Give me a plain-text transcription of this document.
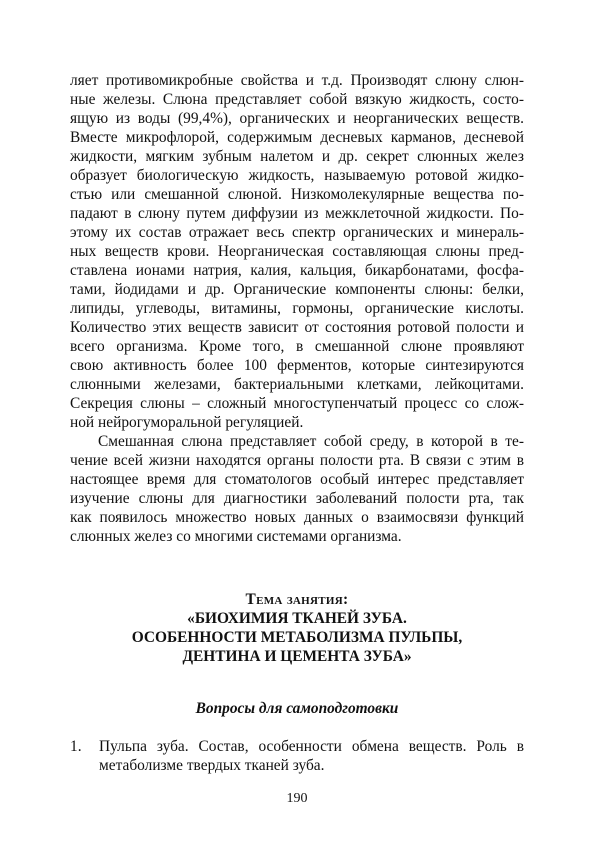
ляет противомикробные свойства и т.д. Производят слюну слюн-
ные железы. Слюна представляет собой вязкую жидкость, состо-
ящую из воды (99,4%), органических и неорганических веществ.
Вместе микрофлорой, содержимым десневых карманов, десневой
жидкости, мягким зубным налетом и др. секрет слюнных желез
образует биологическую жидкость, называемую ротовой жидко-
стью или смешанной слюной. Низкомолекулярные вещества по-
падают в слюну путем диффузии из межклеточной жидкости. По-
этому их состав отражает весь спектр органических и минераль-
ных веществ крови. Неорганическая составляющая слюны пред-
ставлена ионами натрия, калия, кальция, бикарбонатами, фосфа-
тами, йодидами и др. Органические компоненты слюны: белки,
липиды, углеводы, витамины, гормоны, органические кислоты.
Количество этих веществ зависит от состояния ротовой полости и
всего организма. Кроме того, в смешанной слюне проявляют
свою активность более 100 ферментов, которые синтезируются
слюнными железами, бактериальными клетками, лейкоцитами.
Секреция слюны – сложный многоступенчатый процесс со слож-
ной нейрогуморальной регуляцией.
Смешанная слюна представляет собой среду, в которой в те-
чение всей жизни находятся органы полости рта. В связи с этим в
настоящее время для стоматологов особый интерес представляет
изучение слюны для диагностики заболеваний полости рта, так
как появилось множество новых данных о взаимосвязи функций
слюнных желез со многими системами организма.
Тема занятия:
«БИОХИМИЯ ТКАНЕЙ ЗУБА.
ОСОБЕННОСТИ МЕТАБОЛИЗМА ПУЛЬПЫ,
ДЕНТИНА И ЦЕМЕНТА ЗУБА»
Вопросы для самоподготовки
1. Пульпа зуба. Состав, особенности обмена веществ. Роль в
метаболизме твердых тканей зуба.
190
